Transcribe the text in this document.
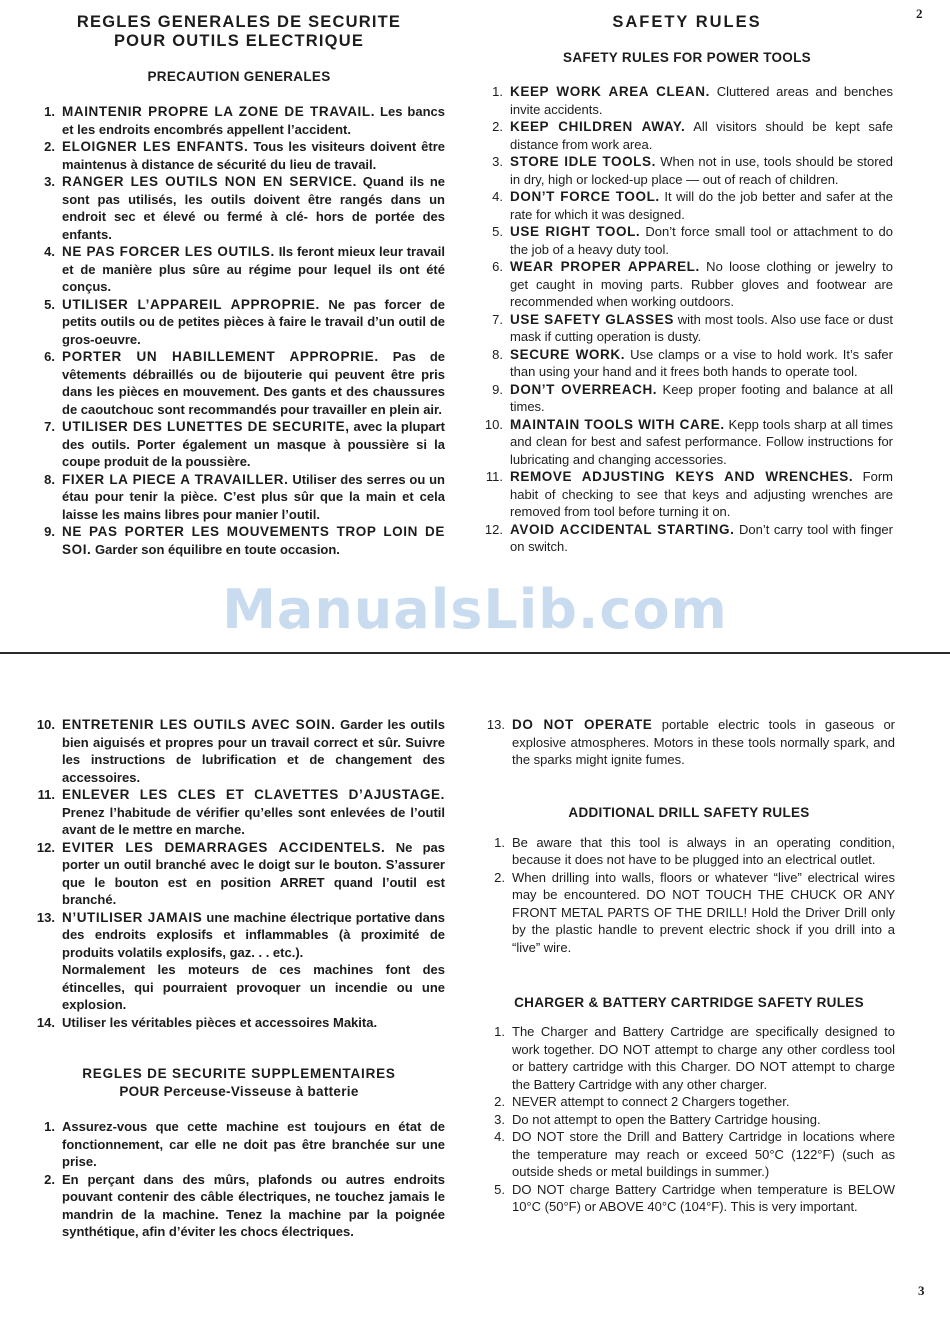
2
3
REGLES GENERALES DE SECURITE
POUR OUTILS ELECTRIQUE
PRECAUTION GENERALES
1. MAINTENIR PROPRE LA ZONE DE TRAVAIL. Les bancs et les endroits encombrés appellent l’accident.
2. ELOIGNER LES ENFANTS. Tous les visiteurs doivent être maintenus à distance de sécurité du lieu de travail.
3. RANGER LES OUTILS NON EN SERVICE. Quand ils ne sont pas utilisés, les outils doivent être rangés dans un endroit sec et élevé ou fermé à clé- hors de portée des enfants.
4. NE PAS FORCER LES OUTILS. Ils feront mieux leur travail et de manière plus sûre au régime pour lequel ils ont été conçus.
5. UTILISER L’APPAREIL APPROPRIE. Ne pas forcer de petits outils ou de petites pièces à faire le travail d’un outil de gros-oeuvre.
6. PORTER UN HABILLEMENT APPROPRIE. Pas de vêtements débraillés ou de bijouterie qui peuvent être pris dans les pièces en mouvement. Des gants et des chaussures de caoutchouc sont recommandés pour travailler en plein air.
7. UTILISER DES LUNETTES DE SECURITE, avec la plupart des outils. Porter également un masque à poussière si la coupe produit de la poussière.
8. FIXER LA PIECE A TRAVAILLER. Utiliser des serres ou un étau pour tenir la pièce. C’est plus sûr que la main et cela laisse les mains libres pour manier l’outil.
9. NE PAS PORTER LES MOUVEMENTS TROP LOIN DE SOI. Garder son équilibre en toute occasion.
SAFETY RULES
SAFETY RULES FOR POWER TOOLS
1. KEEP WORK AREA CLEAN. Cluttered areas and benches invite accidents.
2. KEEP CHILDREN AWAY. All visitors should be kept safe distance from work area.
3. STORE IDLE TOOLS. When not in use, tools should be stored in dry, high or locked-up place — out of reach of children.
4. DON’T FORCE TOOL. It will do the job better and safer at the rate for which it was designed.
5. USE RIGHT TOOL. Don’t force small tool or attachment to do the job of a heavy duty tool.
6. WEAR PROPER APPAREL. No loose clothing or jewelry to get caught in moving parts. Rubber gloves and footwear are recommended when working outdoors.
7. USE SAFETY GLASSES with most tools. Also use face or dust mask if cutting operation is dusty.
8. SECURE WORK. Use clamps or a vise to hold work. It’s safer than using your hand and it frees both hands to operate tool.
9. DON’T OVERREACH. Keep proper footing and balance at all times.
10. MAINTAIN TOOLS WITH CARE. Kepp tools sharp at all times and clean for best and safest performance. Follow instructions for lubricating and changing accessories.
11. REMOVE ADJUSTING KEYS AND WRENCHES. Form habit of checking to see that keys and adjusting wrenches are removed from tool before turning it on.
12. AVOID ACCIDENTAL STARTING. Don’t carry tool with finger on switch.
ManualsLib.com
10. ENTRETENIR LES OUTILS AVEC SOIN. Garder les outils bien aiguisés et propres pour un travail correct et sûr. Suivre les instructions de lubrification et de changement des accessoires.
11. ENLEVER LES CLES ET CLAVETTES D’AJUSTAGE. Prenez l’habitude de vérifier qu’elles sont enlevées de l’outil avant de le mettre en marche.
12. EVITER LES DEMARRAGES ACCIDENTELS. Ne pas porter un outil branché avec le doigt sur le bouton. S’assurer que le bouton est en position ARRET quand l’outil est branché.
13. N’UTILISER JAMAIS une machine électrique portative dans des endroits explosifs et inflammables (à proximité de produits volatils explosifs, gaz. . . etc.).
Normalement les moteurs de ces machines font des étincelles, qui pourraient provoquer un incendie ou une explosion.
14. Utiliser les véritables pièces et accessoires Makita.
REGLES DE SECURITE SUPPLEMENTAIRES
POUR Perceuse-Visseuse à batterie
1. Assurez-vous que cette machine est toujours en état de fonctionnement, car elle ne doit pas être branchée sur une prise.
2. En perçant dans des mûrs, plafonds ou autres endroits pouvant contenir des câble électriques, ne touchez jamais le mandrin de la machine. Tenez la machine par la poignée synthétique, afin d’éviter les chocs électriques.
13. DO NOT OPERATE portable electric tools in gaseous or explosive atmospheres. Motors in these tools normally spark, and the sparks might ignite fumes.
ADDITIONAL DRILL SAFETY RULES
1. Be aware that this tool is always in an operating condition, because it does not have to be plugged into an electrical outlet.
2. When drilling into walls, floors or whatever “live” electrical wires may be encountered. DO NOT TOUCH THE CHUCK OR ANY FRONT METAL PARTS OF THE DRILL! Hold the Driver Drill only by the plastic handle to prevent electric shock if you drill into a “live” wire.
CHARGER & BATTERY CARTRIDGE SAFETY RULES
1. The Charger and Battery Cartridge are specifically designed to work together. DO NOT attempt to charge any other cordless tool or battery cartridge with this Charger. DO NOT attempt to charge the Battery Cartridge with any other charger.
2. NEVER attempt to connect 2 Chargers together.
3. Do not attempt to open the Battery Cartridge housing.
4. DO NOT store the Drill and Battery Cartridge in locations where the temperature may reach or exceed 50°C (122°F) (such as outside sheds or metal buildings in summer.)
5. DO NOT charge Battery Cartridge when temperature is BELOW 10°C (50°F) or ABOVE 40°C (104°F). This is very important.
